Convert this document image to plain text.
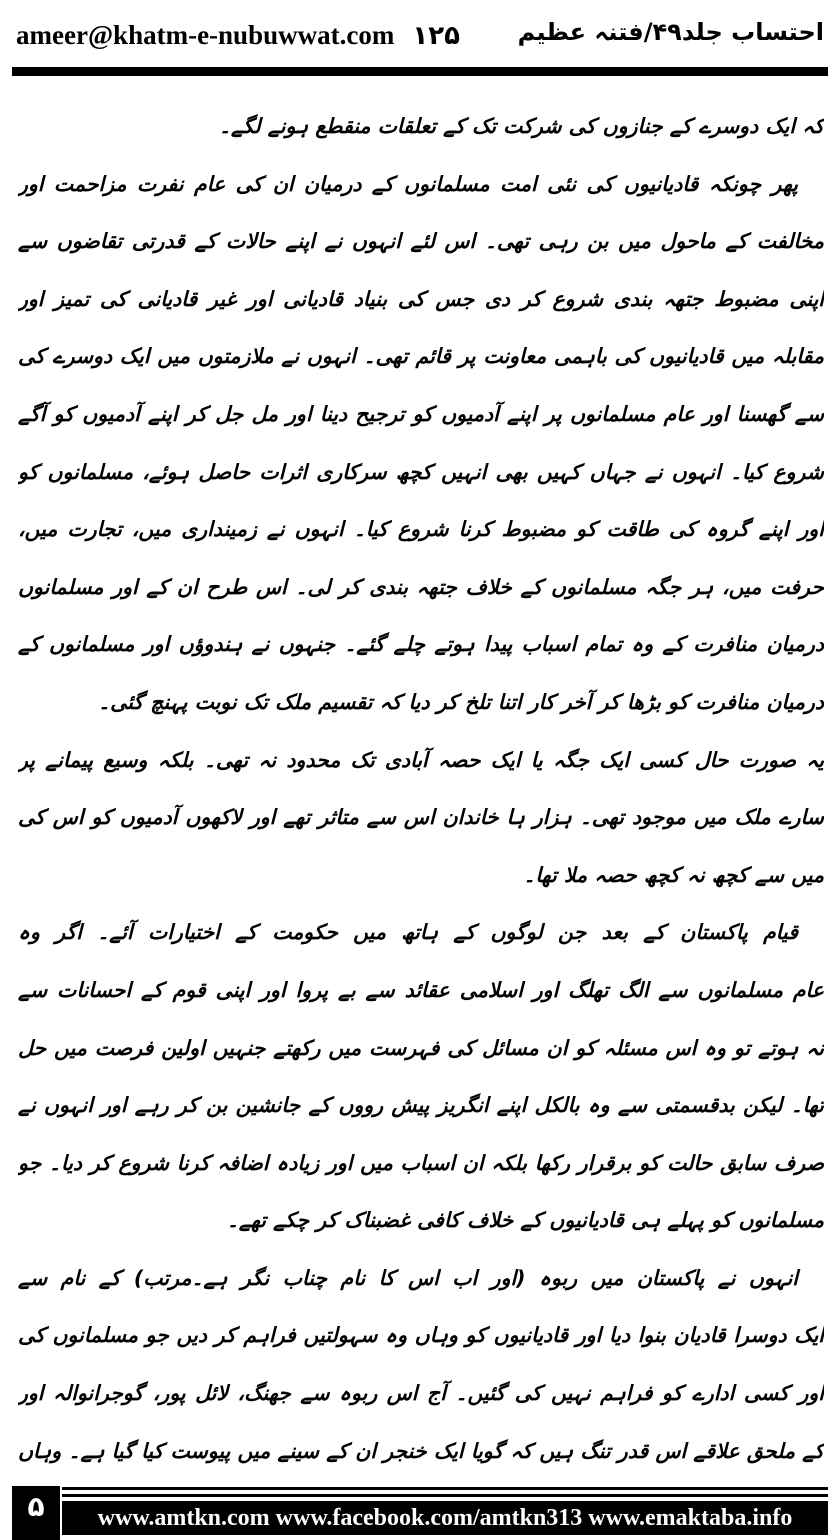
ameer@khatm-e-nubuwwat.com ۱۲۵ احتساب جلد۴۹/فتنہ عظیم
کہ ایک دوسرے کے جنازوں کی شرکت تک کے تعلقات منقطع ہونے لگے۔
پھر چونکہ قادیانیوں کی نئی امت مسلمانوں کے درمیان ان کی عام نفرت مزاحمت اور
مخالفت کے ماحول میں بن رہی تھی۔ اس لئے انہوں نے اپنے حالات کے قدرتی تقاضوں سے
اپنی مضبوط جتھہ بندی شروع کر دی جس کی بنیاد قادیانی اور غیر قادیانی کی تمیز اور
مقابلہ میں قادیانیوں کی باہمی معاونت پر قائم تھی۔ انہوں نے ملازمتوں میں ایک دوسرے کی
سے گھسنا اور عام مسلمانوں پر اپنے آدمیوں کو ترجیح دینا اور مل جل کر اپنے آدمیوں کو آگے
شروع کیا۔ انہوں نے جہاں کہیں بھی انہیں کچھ سرکاری اثرات حاصل ہوئے، مسلمانوں کو
اور اپنے گروہ کی طاقت کو مضبوط کرنا شروع کیا۔ انہوں نے زمینداری میں، تجارت میں،
حرفت میں، ہر جگہ مسلمانوں کے خلاف جتھہ بندی کر لی۔ اس طرح ان کے اور مسلمانوں
درمیان منافرت کے وہ تمام اسباب پیدا ہوتے چلے گئے۔ جنہوں نے ہندوؤں اور مسلمانوں کے
درمیان منافرت کو بڑھا کر آخر کار اتنا تلخ کر دیا کہ تقسیم ملک تک نوبت پہنچ گئی۔
یہ صورت حال کسی ایک جگہ یا ایک حصہ آبادی تک محدود نہ تھی۔ بلکہ وسیع پیمانے پر
سارے ملک میں موجود تھی۔ ہزار ہا خاندان اس سے متاثر تھے اور لاکھوں آدمیوں کو اس کی
میں سے کچھ نہ کچھ حصہ ملا تھا۔
قیام پاکستان کے بعد جن لوگوں کے ہاتھ میں حکومت کے اختیارات آئے۔ اگر وہ
عام مسلمانوں سے الگ تھلگ اور اسلامی عقائد سے بے پروا اور اپنی قوم کے احسانات سے
نہ ہوتے تو وہ اس مسئلہ کو ان مسائل کی فہرست میں رکھتے جنہیں اولین فرصت میں حل
تھا۔ لیکن بدقسمتی سے وہ بالکل اپنے انگریز پیش رووں کے جانشین بن کر رہے اور انہوں نے
صرف سابق حالت کو برقرار رکھا بلکہ ان اسباب میں اور زیادہ اضافہ کرنا شروع کر دیا۔ جو
مسلمانوں کو پہلے ہی قادیانیوں کے خلاف کافی غضبناک کر چکے تھے۔
انہوں نے پاکستان میں ربوہ (اور اب اس کا نام چناب نگر ہے۔مرتب) کے نام سے
ایک دوسرا قادیان بنوا دیا اور قادیانیوں کو وہاں وہ سہولتیں فراہم کر دیں جو مسلمانوں کی
اور کسی ادارے کو فراہم نہیں کی گئیں۔ آج اس ربوہ سے جھنگ، لائل پور، گوجرانوالہ اور
کے ملحق علاقے اس قدر تنگ ہیں کہ گویا ایک خنجر ان کے سینے میں پیوست کیا گیا ہے۔ وہاں
۵	www.amtkn.com www.facebook.com/amtkn313 www.emaktaba.info
